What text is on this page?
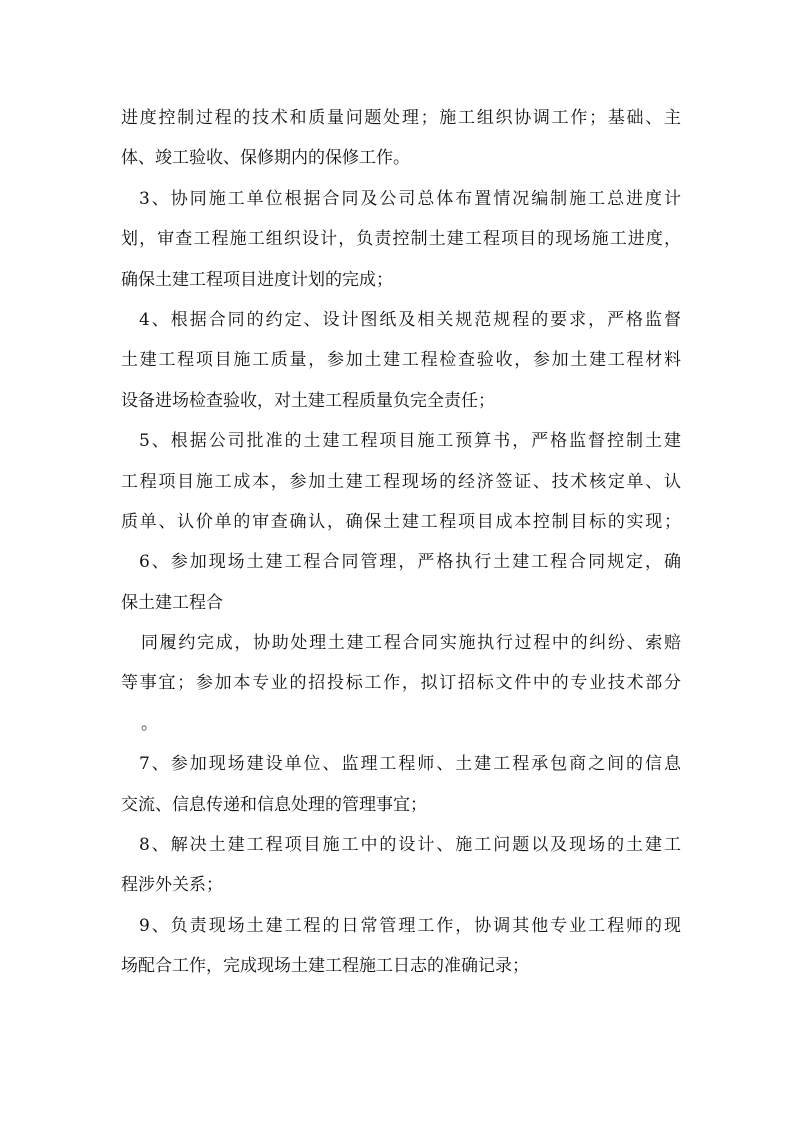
进度控制过程的技术和质量问题处理；施工组织协调工作；基础、主
体、竣工验收、保修期内的保修工作。
3、协同施工单位根据合同及公司总体布置情况编制施工总进度计
划，审查工程施工组织设计，负责控制土建工程项目的现场施工进度，
确保土建工程项目进度计划的完成；
4、根据合同的约定、设计图纸及相关规范规程的要求，严格监督
土建工程项目施工质量，参加土建工程检查验收，参加土建工程材料
设备进场检查验收，对土建工程质量负完全责任；
5、根据公司批准的土建工程项目施工预算书，严格监督控制土建
工程项目施工成本，参加土建工程现场的经济签证、技术核定单、认
质单、认价单的审查确认，确保土建工程项目成本控制目标的实现；
6、参加现场土建工程合同管理，严格执行土建工程合同规定，确
保土建工程合
同履约完成，协助处理土建工程合同实施执行过程中的纠纷、索赔
等事宜；参加本专业的招投标工作，拟订招标文件中的专业技术部分
。
7、参加现场建设单位、监理工程师、土建工程承包商之间的信息
交流、信息传递和信息处理的管理事宜；
8、解决土建工程项目施工中的设计、施工问题以及现场的土建工
程涉外关系；
9、负责现场土建工程的日常管理工作，协调其他专业工程师的现
场配合工作，完成现场土建工程施工日志的准确记录；
